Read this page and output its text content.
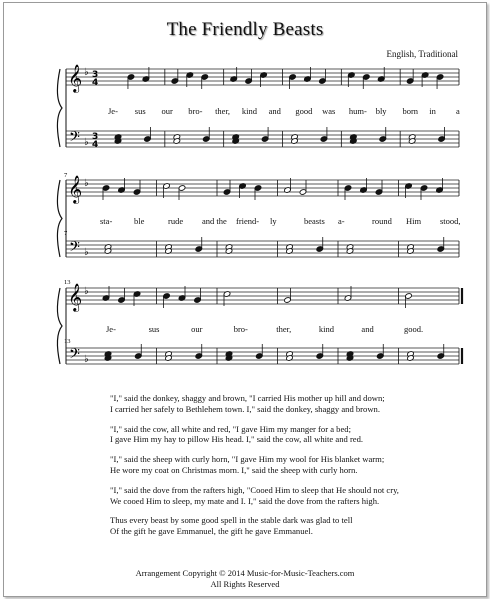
The Friendly Beasts
English, Traditional
𝄞
𝄢
♭
♭
3
4
3
4
𝄞
𝄢
♭
♭
𝄞
𝄢
♭
♭
7
7
13
13
Je- sus our bro- ther, kind and good was hum- bly born in a
sta-	ble	rude and the friend- ly	beasts a-	round Him stood,
Je-	sus	our	bro-	ther,	kind	and	good.

"I," said the donkey, shaggy and brown, "I carried His mother up hill and down;
I carried her safely to Bethlehem town. I," said the donkey, shaggy and brown.

"I," said the cow, all white and red, "I gave Him my manger for a bed;
I gave Him my hay to pillow His head. I," said the cow, all white and red.

"I," said the sheep with curly horn, "I gave Him my wool for His blanket warm;
He wore my coat on Christmas morn. I," said the sheep with curly horn.

"I," said the dove from the rafters high, "Cooed Him to sleep that He should not cry,
We cooed Him to sleep, my mate and I. I," said the dove from the rafters high.

Thus every beast by some good spell in the stable dark was glad to tell
Of the gift he gave Emmanuel, the gift he gave Emmanuel.

Arrangement Copyright © 2014 Music-for-Music-Teachers.com
All Rights Reserved
